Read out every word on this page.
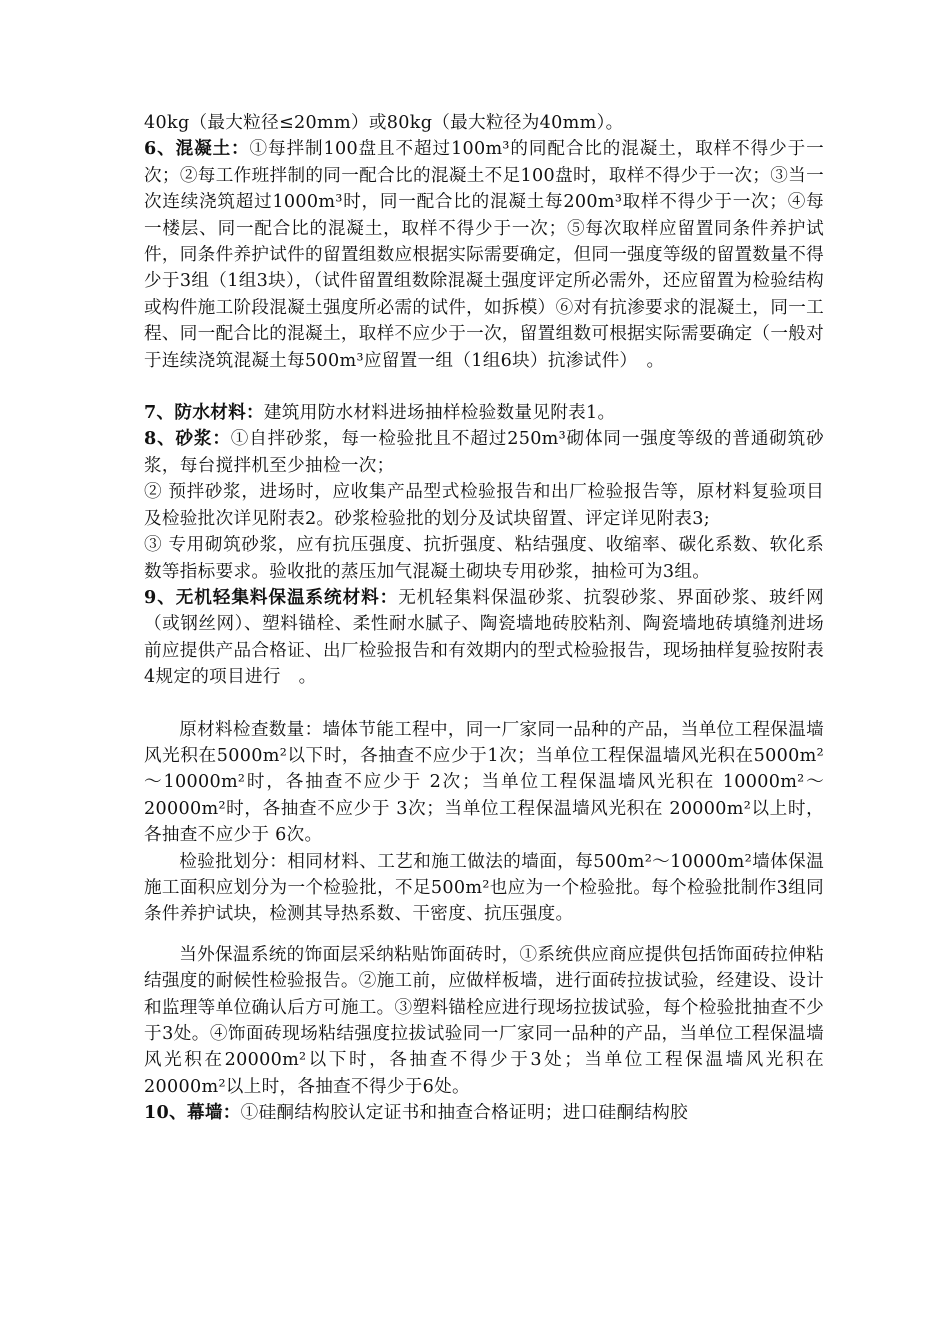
40kg（最大粒径≤20mm）或80kg（最大粒径为40mm）。

6、混凝土：①每拌制100盘且不超过100m³的同配合比的混凝土，取样不得少于一次；②每工作班拌制的同一配合比的混凝土不足100盘时，取样不得少于一次；③当一次连续浇筑超过1000m³时，同一配合比的混凝土每200m³取样不得少于一次；④每一楼层、同一配合比的混凝土，取样不得少于一次；⑤每次取样应留置同条件养护试件，同条件养护试件的留置组数应根据实际需要确定，但同一强度等级的留置数量不得少于3组（1组3块），（试件留置组数除混凝土强度评定所必需外，还应留置为检验结构或构件施工阶段混凝土强度所必需的试件，如拆模）⑥对有抗渗要求的混凝土，同一工程、同一配合比的混凝土，取样不应少于一次，留置组数可根据实际需要确定（一般对于连续浇筑混凝土每500m³应留置一组（1组6块）抗渗试件）　。

7、防水材料：建筑用防水材料进场抽样检验数量见附表1。

8、砂浆：①自拌砂浆，每一检验批且不超过250m³砌体同一强度等级的普通砌筑砂浆，每台搅拌机至少抽检一次；

② 预拌砂浆，进场时，应收集产品型式检验报告和出厂检验报告等，原材料复验项目及检验批次详见附表2。砂浆检验批的划分及试块留置、评定详见附表3;

③ 专用砌筑砂浆，应有抗压强度、抗折强度、粘结强度、收缩率、碳化系数、软化系数等指标要求。验收批的蒸压加气混凝土砌块专用砂浆，抽检可为3组。

9、无机轻集料保温系统材料：无机轻集料保温砂浆、抗裂砂浆、界面砂浆、玻纤网（或钢丝网）、塑料锚栓、柔性耐水腻子、陶瓷墙地砖胶粘剂、陶瓷墙地砖填缝剂进场前应提供产品合格证、出厂检验报告和有效期内的型式检验报告，现场抽样复验按附表4规定的项目进行　。

原材料检查数量：墙体节能工程中，同一厂家同一品种的产品，当单位工程保温墙风光积在5000m²以下时，各抽查不应少于1次；当单位工程保温墙风光积在5000m²～10000m²时，各抽查不应少于 2次；当单位工程保温墙风光积在 10000m²～20000m²时，各抽查不应少于 3次；当单位工程保温墙风光积在 20000m²以上时，各抽查不应少于 6次。

检验批划分：相同材料、工艺和施工做法的墙面，每500m²～10000m²墙体保温施工面积应划分为一个检验批，不足500m²也应为一个检验批。每个检验批制作3组同条件养护试块，检测其导热系数、干密度、抗压强度。

当外保温系统的饰面层采纳粘贴饰面砖时，①系统供应商应提供包括饰面砖拉伸粘结强度的耐候性检验报告。②施工前，应做样板墙，进行面砖拉拔试验，经建设、设计和监理等单位确认后方可施工。③塑料锚栓应进行现场拉拔试验，每个检验批抽查不少于3处。④饰面砖现场粘结强度拉拔试验同一厂家同一品种的产品，当单位工程保温墙风光积在20000m²以下时，各抽查不得少于3处；当单位工程保温墙风光积在20000m²以上时，各抽查不得少于6处。

10、幕墙：①硅酮结构胶认定证书和抽查合格证明；进口硅酮结构胶
